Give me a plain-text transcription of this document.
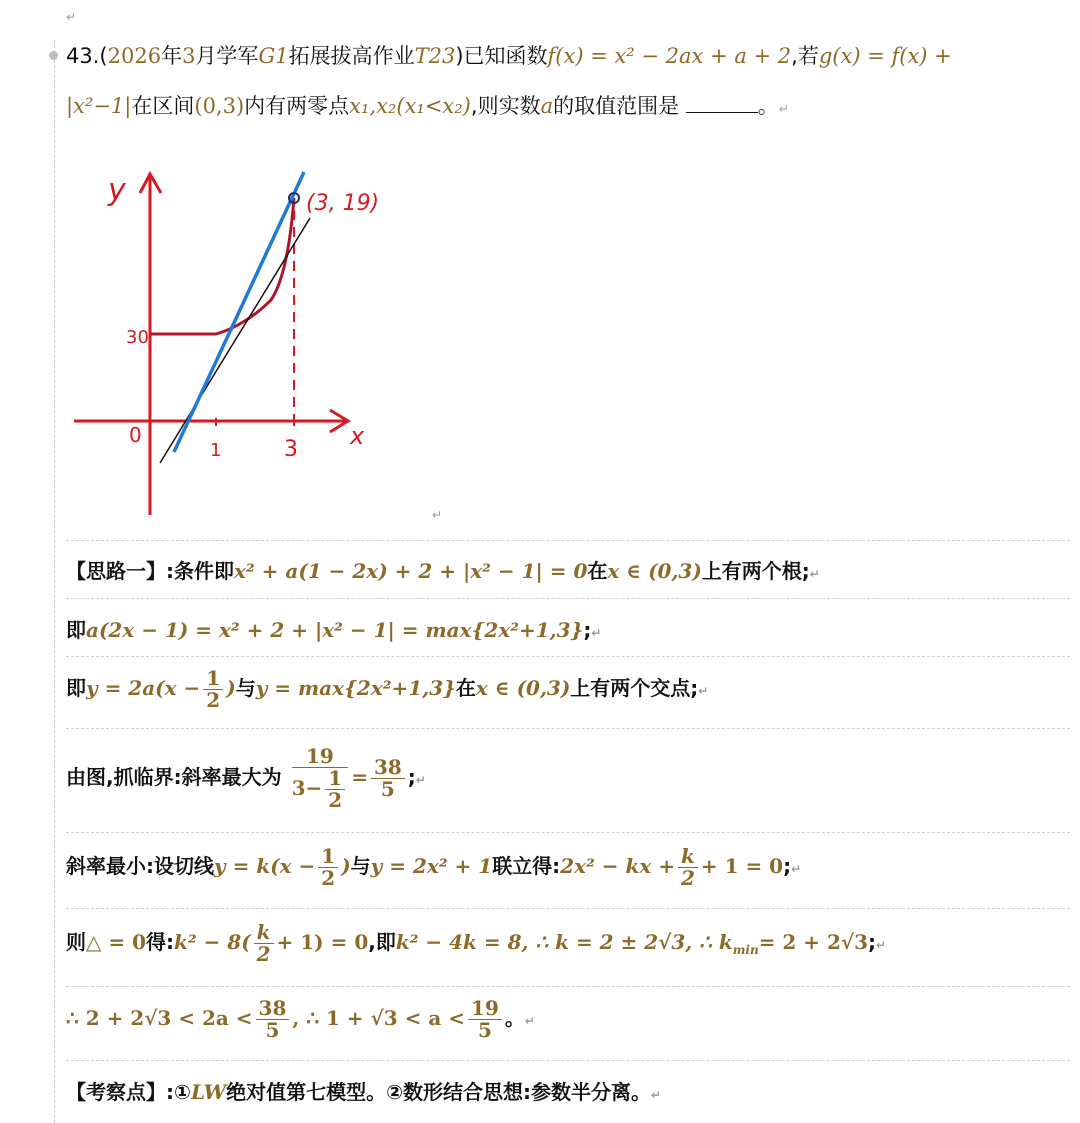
↵
43.(2026年3月学军G1拓展拔高作业T23)已知函数f(x) = x² − 2ax + a + 2,若g(x) = f(x) +
|x²−1|在区间(0,3)内有两零点x₁,x₂(x₁<x₂),则实数a的取值范围是	。↵
y
x
0
1	3
30
(3, 19)
↵
【思路一】:条件即x² + a(1 − 2x) + 2 + |x² − 1| = 0在x ∈ (0,3)上有两个根;↵
即a(2x − 1) = x² + 2 + |x² − 1| = max{2x²+1,3};↵
即$y = 2a(x - \frac{1}{2}$ )与y = max{2x²+1,3}在x ∈ (0,3)上有两个交点;↵
由图,抓临界:斜率最大为 $\frac{19}{3- \frac{1}{2}} = \frac{38}{5}$ ;↵
斜率最小:设切线$y = k(x - \frac{1}{2}$ )与y = 2x² + 1联立得:2x² − kx + $\frac{k}{2} + 1$ = 0;↵
则△ = 0得:k² − $8( \frac{k}{2} + 1) = 0$,即k² − 4k = 8, ∴ k = 2 ± 2√3, ∴ $k_{min}= 2$ + 2√3;↵
∴ $2 + 2√3 < 2a < \frac{38}{5}$ , ∴ $1 + √3 < a < \frac{19}{5}$ 。↵
【考察点】:①LW绝对值第七模型。②数形结合思想:参数半分离。↵
